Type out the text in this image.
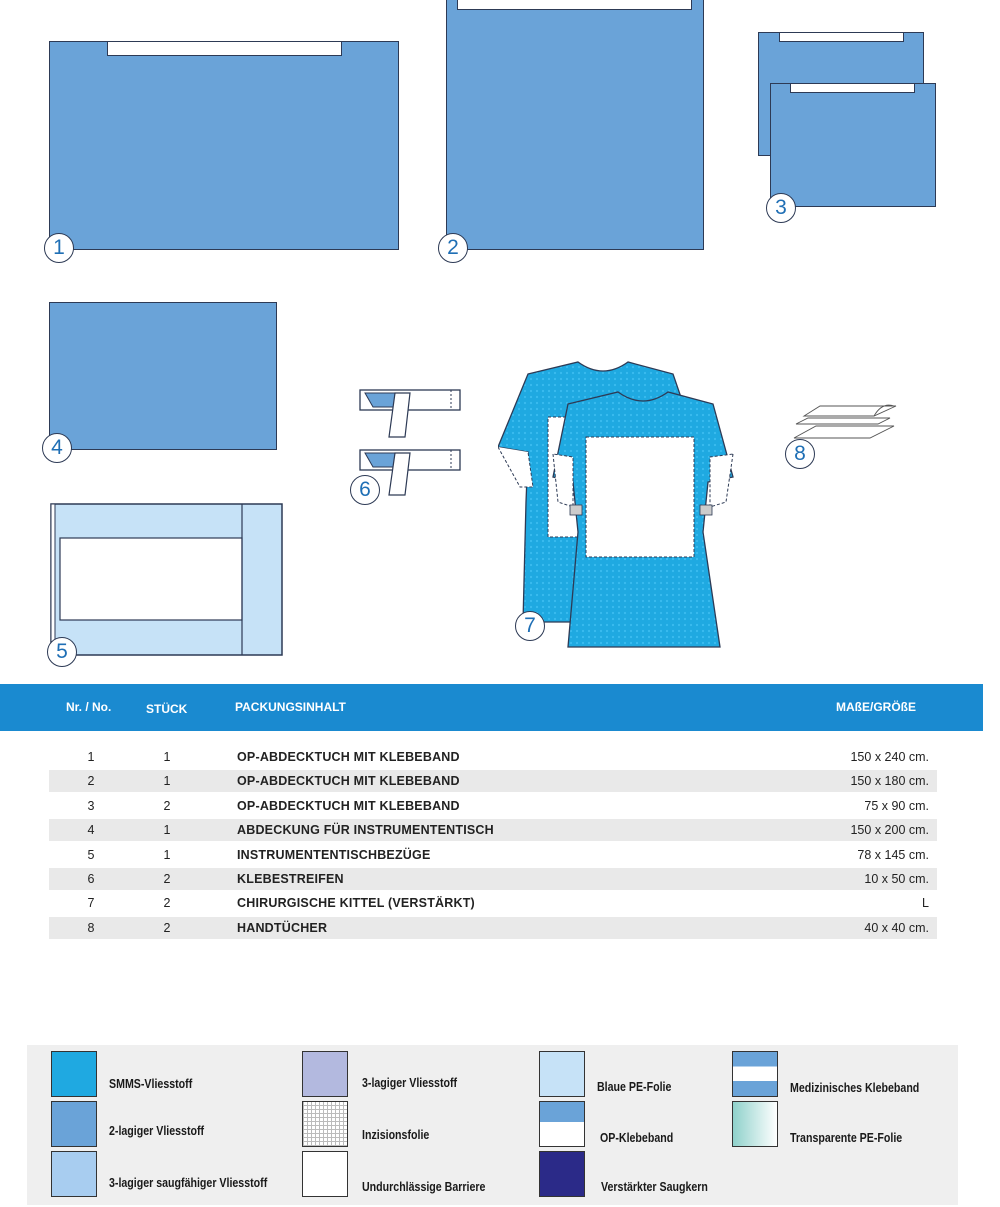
1	2
3
4
5
6
7
8
Nr. / No.	STÜCK	PACKUNGSINHALT	MAßE/GRÖßE
1	1	OP-ABDECKTUCH MIT KLEBEBAND	150 x 240 cm.
2	1	OP-ABDECKTUCH MIT KLEBEBAND	150 x 180 cm.
3	2	OP-ABDECKTUCH MIT KLEBEBAND	75 x 90 cm.
4	1	ABDECKUNG FÜR INSTRUMENTENTISCH	150 x 200 cm.
5	1	INSTRUMENTENTISCHBEZÜGE	78 x 145 cm.
6	2	KLEBESTREIFEN	10 x 50 cm.
7	2	CHIRURGISCHE KITTEL (VERSTÄRKT)	L
8	2	HANDTÜCHER	40 x 40 cm.
SMMS-Vliesstoff
2-lagiger Vliesstoff
3-lagiger saugfähiger Vliesstoff
3-lagiger Vliesstoff
Inzisionsfolie
Undurchlässige Barriere
Blaue PE-Folie
OP-Klebeband
Verstärkter Saugkern
Medizinisches Klebeband
Transparente PE-Folie
